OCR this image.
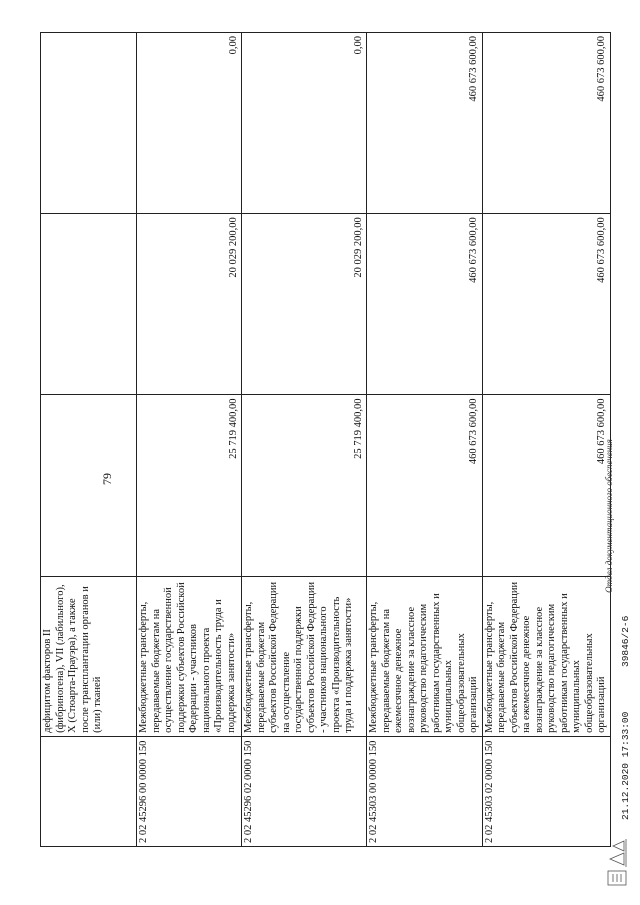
79
	дефицитом факторов II (фибриногена), VII (лабильного), X (Стюарта-Прауэра), а также после трансплантации органов и (или) тканей			
2 02 45296 00 0000 150	Межбюджетные трансферты, передаваемые бюджетам на осуществление государственной поддержки субъектов Российской Федерации - участников национального проекта «Производительность труда и поддержка занятости»	25 719 400,00	20 029 200,00	0,00
2 02 45296 02 0000 150	Межбюджетные трансферты, передаваемые бюджетам субъектов Российской Федерации на осуществление государственной поддержки субъектов Российской Федерации - участников национального проекта «Производительность труда и поддержка занятости»	25 719 400,00	20 029 200,00	0,00
2 02 45303 00 0000 150	Межбюджетные трансферты, передаваемые бюджетам на ежемесячное денежное вознаграждение за классное руководство педагогическим работникам государственных и муниципальных общеобразовательных организаций	460 673 600,00	460 673 600,00	460 673 600,00
2 02 45303 02 0000 150	Межбюджетные трансферты, передаваемые бюджетам субъектов Российской Федерации на ежемесячное денежное вознаграждение за классное руководство педагогическим работникам государственных и муниципальных общеобразовательных организаций	460 673 600,00	460 673 600,00	460 673 600,00
21.12.2020 17:33:00
39846/2-6
Отдел документационного обеспечения
